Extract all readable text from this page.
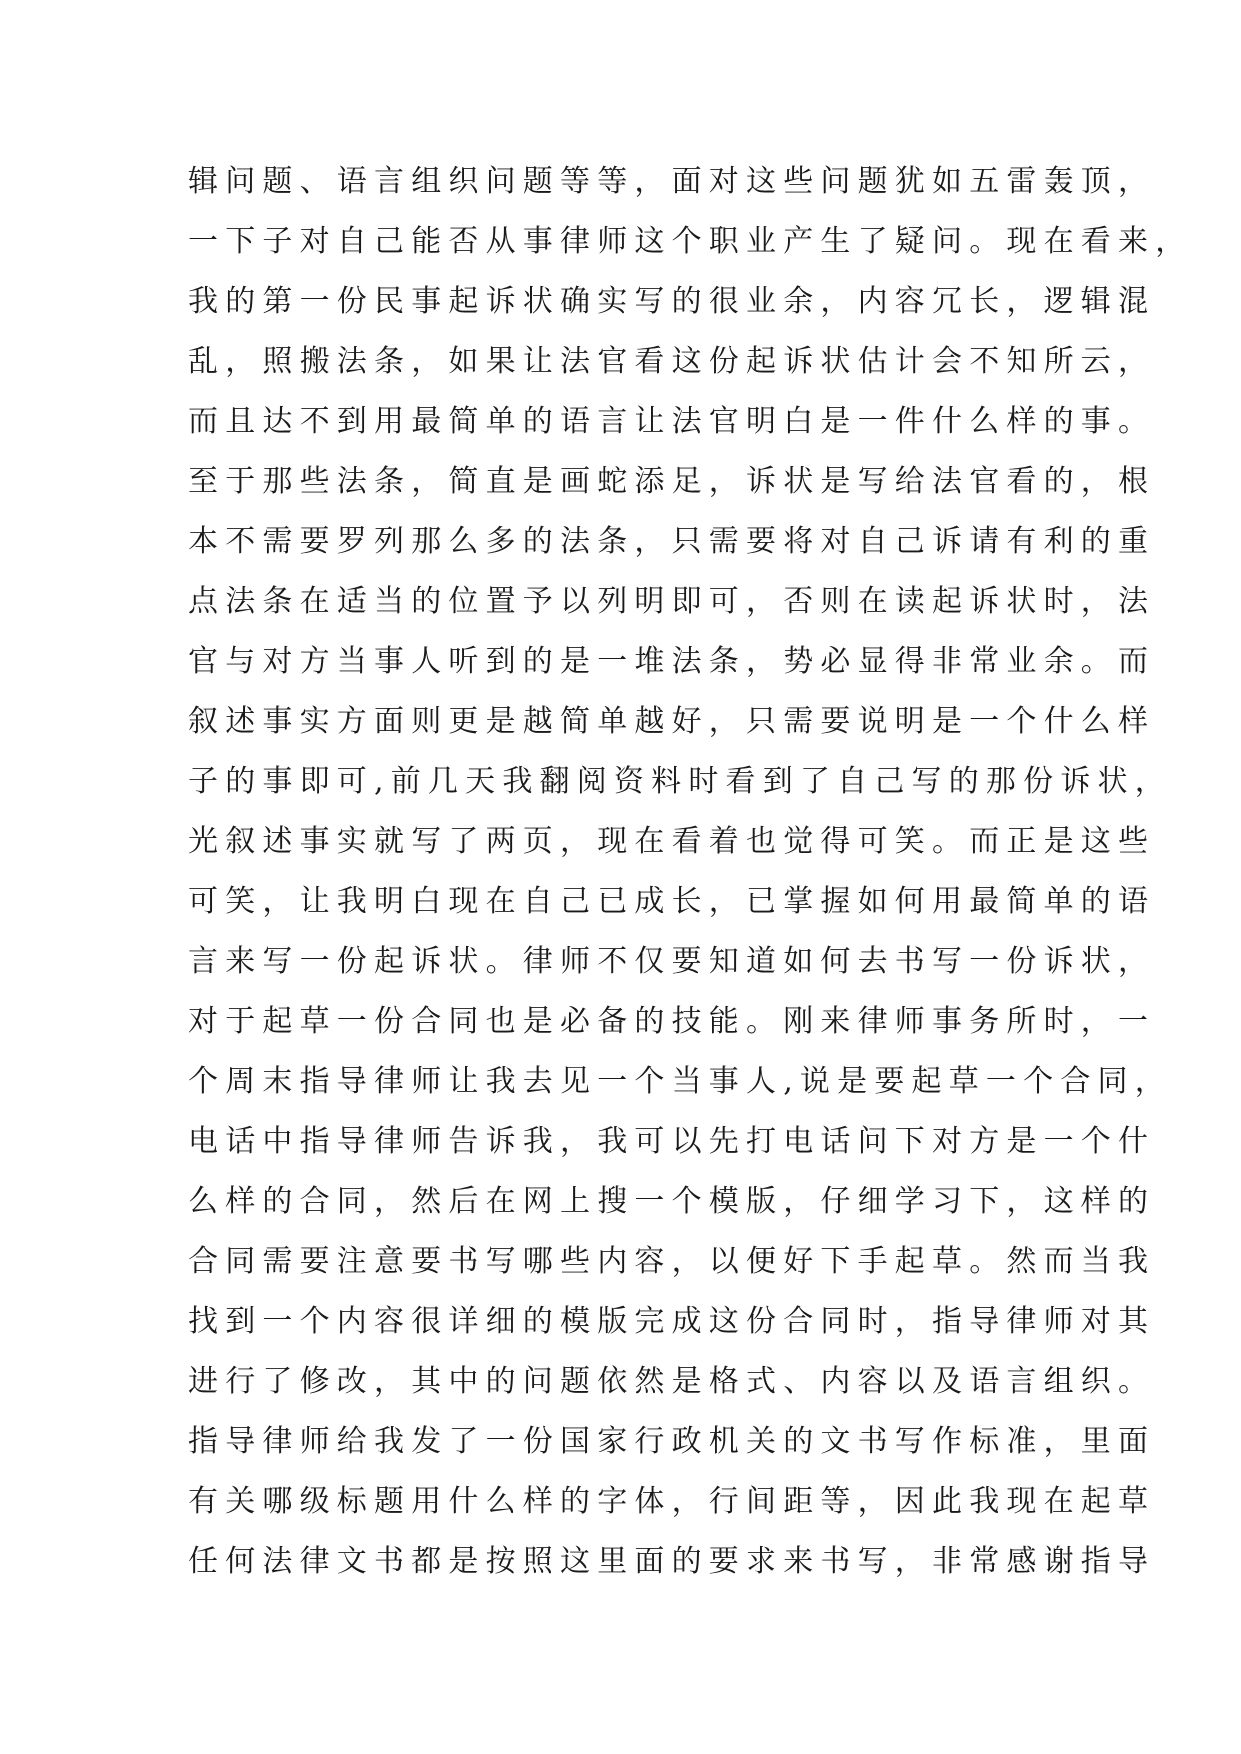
辑问题、语言组织问题等等，面对这些问题犹如五雷轰顶，
一下子对自己能否从事律师这个职业产生了疑问。现在看来，
我的第一份民事起诉状确实写的很业余，内容冗长，逻辑混
乱，照搬法条，如果让法官看这份起诉状估计会不知所云，
而且达不到用最简单的语言让法官明白是一件什么样的事。
至于那些法条，简直是画蛇添足，诉状是写给法官看的，根
本不需要罗列那么多的法条，只需要将对自己诉请有利的重
点法条在适当的位置予以列明即可，否则在读起诉状时，法
官与对方当事人听到的是一堆法条，势必显得非常业余。而
叙述事实方面则更是越简单越好，只需要说明是一个什么样
子的事即可,前几天我翻阅资料时看到了自己写的那份诉状，
光叙述事实就写了两页，现在看着也觉得可笑。而正是这些
可笑，让我明白现在自己已成长，已掌握如何用最简单的语
言来写一份起诉状。律师不仅要知道如何去书写一份诉状，
对于起草一份合同也是必备的技能。刚来律师事务所时，一
个周末指导律师让我去见一个当事人,说是要起草一个合同，
电话中指导律师告诉我，我可以先打电话问下对方是一个什
么样的合同，然后在网上搜一个模版，仔细学习下，这样的
合同需要注意要书写哪些内容，以便好下手起草。然而当我
找到一个内容很详细的模版完成这份合同时，指导律师对其
进行了修改，其中的问题依然是格式、内容以及语言组织。
指导律师给我发了一份国家行政机关的文书写作标准，里面
有关哪级标题用什么样的字体，行间距等，因此我现在起草
任何法律文书都是按照这里面的要求来书写，非常感谢指导
